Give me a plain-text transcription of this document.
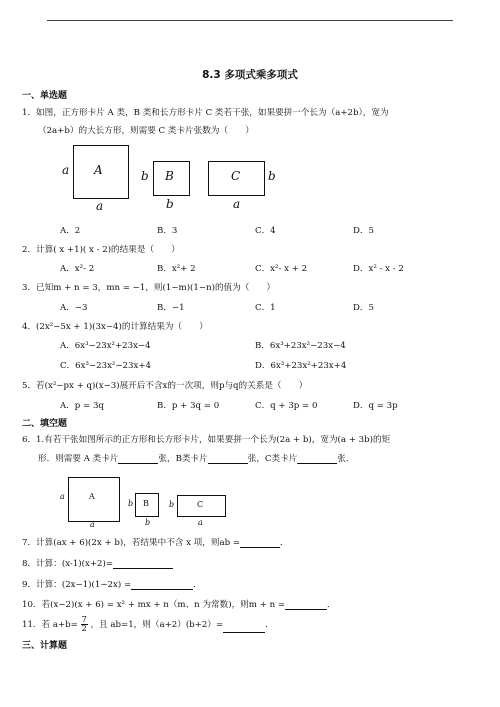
8.3 多项式乘多项式
一、单选题
1．如图，正方形卡片 A 类，B 类和长方形卡片 C 类若干张，如果要拼一个长为（a+2b），宽为
（2a+b）的大长方形，则需要 C 类卡片张数为（　　）
A
a
a
B
b
b
C b
a
A．2	B．3	C．4	D．5
2．计算( x +1)( x - 2)的结果是（　　）
A．x²- 2	B．x²+ 2	C．x²- x + 2	D．x² - x - 2
3．已知m + n = 3，mn = −1，则(1−m)(1−n)的值为（　　）
A．−3	B．−1	C．1	D．5
4．(2x²−5x + 1)(3x−4)的计算结果为（　　）
A．6x³−23x²+23x−4	B．6x³+23x²−23x−4
C．6x³−23x²−23x+4	D．6x³+23x²+23x+4
5．若(x²−px + q)(x−3)展开后不含x的一次项，则p与q的关系是（　　）
A．p = 3q	B．p + 3q = 0	C．q + 3p = 0	D．q = 3p
二、填空题
6．1.有若干张如图所示的正方形和长方形卡片，如果要拼一个长为(2a + b)，宽为(a + 3b)的矩
形．则需要 A 类卡片	张，B类卡片	张，C类卡片	张．
A
a
a
B
b
b
C
b
a
7．计算(ax + 6)(2x + b)，若结果中不含 x 项，则ab =	．
8．计算：(x-1)(x+2)=
9．计算：(2x−1)(1−2x) =	．
10．若(x−2)(x + 6) = x² + mx + n（m、n 为常数)，则m + n =	．
11．若 $a+b= \frac{7}{2}$ ，且 ab=1，则（a+2）(b+2）=	．
三、计算题
